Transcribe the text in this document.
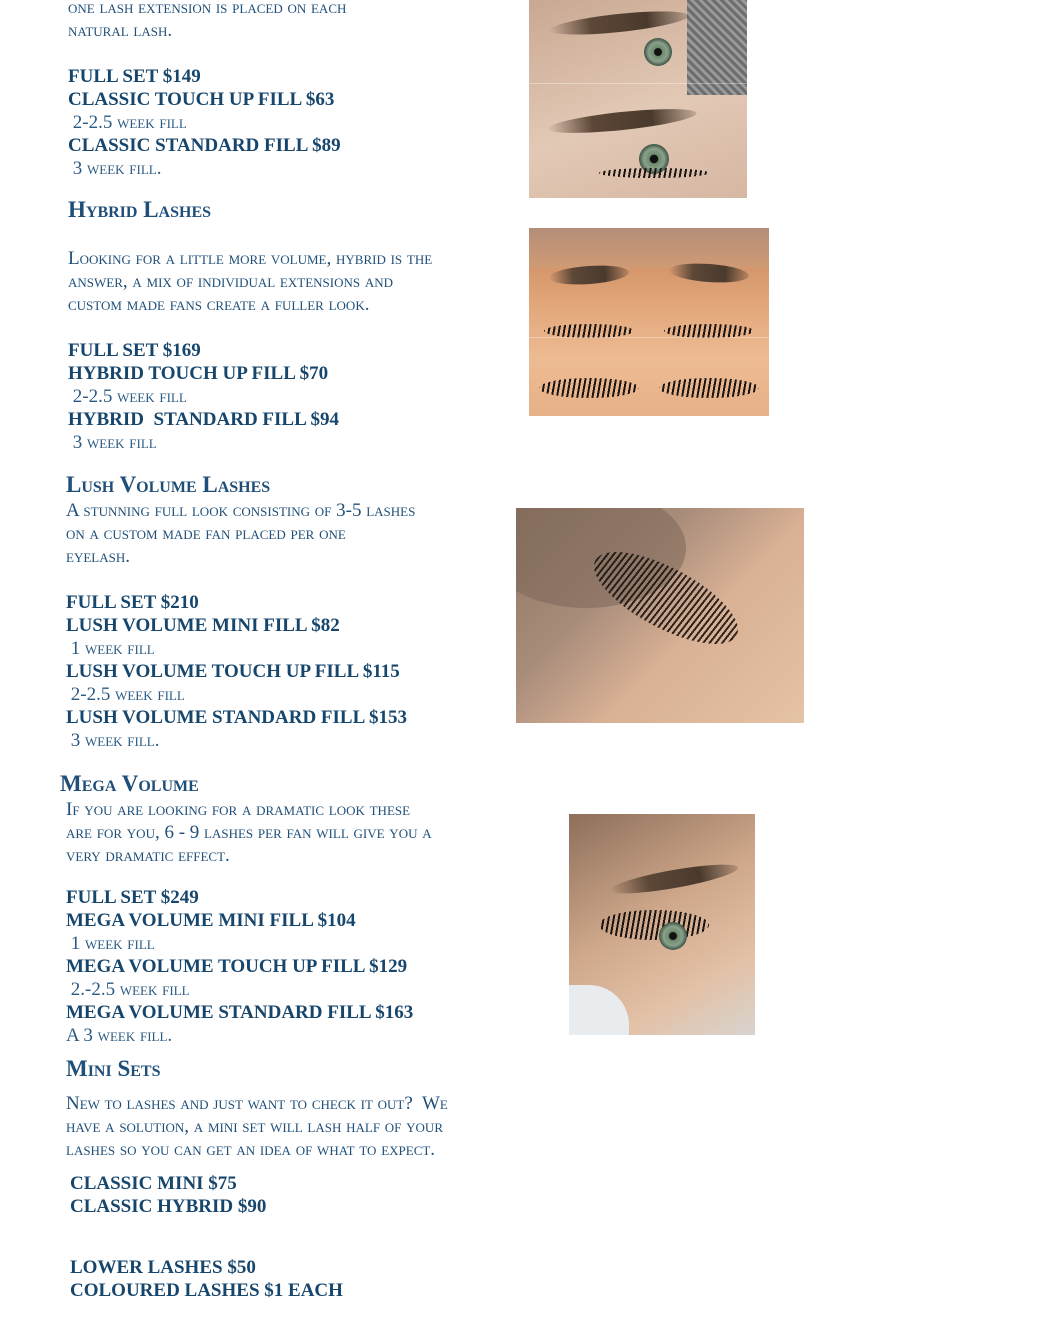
one lash extension is placed on each
natural lash.
FULL SET $149
CLASSIC TOUCH UP FILL $63
2-2.5 week fill
CLASSIC STANDARD FILL $89
3 week fill.
Hybrid Lashes
Looking for a little more volume, hybrid is the
answer, a mix of individual extensions and
custom made fans create a fuller look.
FULL SET $169
HYBRID TOUCH UP FILL $70
2-2.5 week fill
HYBRID  STANDARD FILL $94
3 week fill
Lush Volume Lashes
A stunning full look consisting of 3-5 lashes
on a custom made fan placed per one
eyelash.
FULL SET $210
LUSH VOLUME MINI FILL $82
1 week fill
LUSH VOLUME TOUCH UP FILL $115
2-2.5 week fill
LUSH VOLUME STANDARD FILL $153
3 week fill.
Mega Volume
If you are looking for a dramatic look these
are for you, 6 - 9 lashes per fan will give you a
very dramatic effect.
FULL SET $249
MEGA VOLUME MINI FILL $104
1 week fill
MEGA VOLUME TOUCH UP FILL $129
2.-2.5 week fill
MEGA VOLUME STANDARD FILL $163
A 3 week fill.
Mini Sets
New to lashes and just want to check it out?  We
have a solution, a mini set will lash half of your
lashes so you can get an idea of what to expect.
CLASSIC MINI $75
CLASSIC HYBRID $90
LOWER LASHES $50
COLOURED LASHES $1 EACH
